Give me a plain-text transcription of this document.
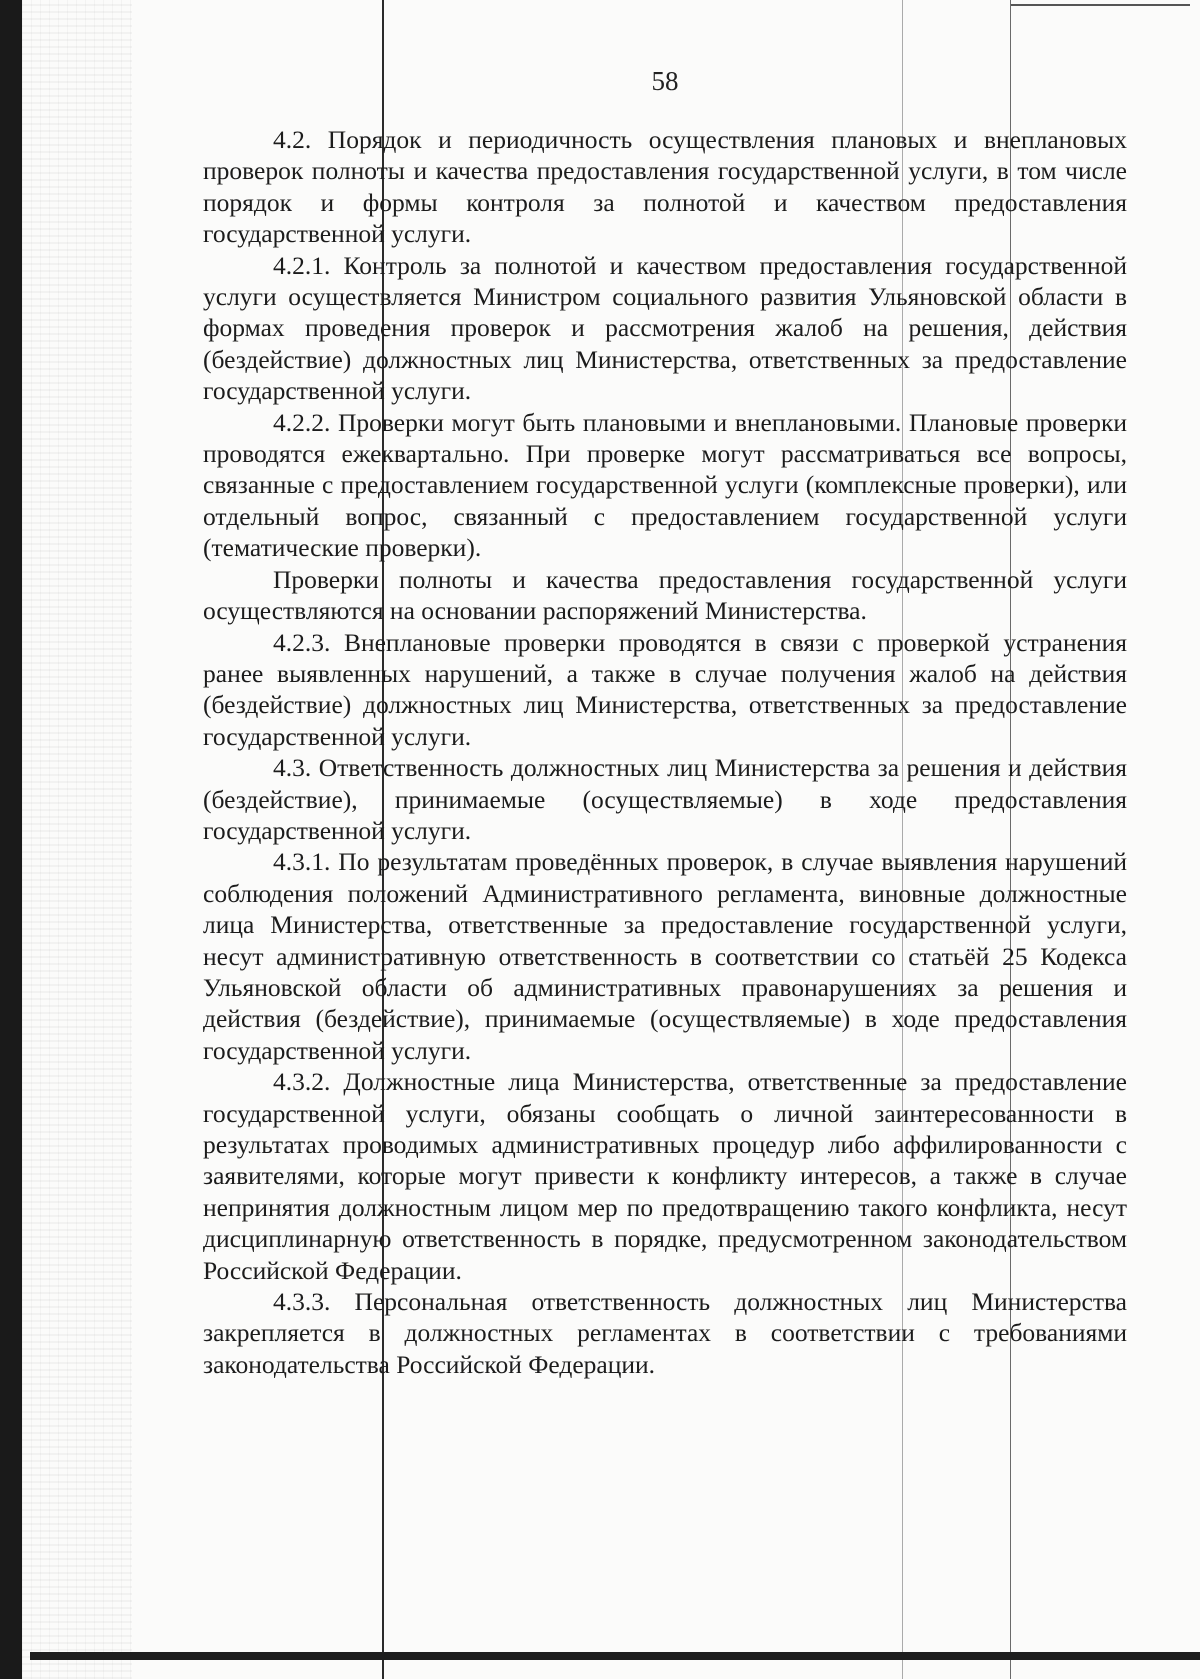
58

4.2. Порядок и периодичность осуществления плановых и внеплановых проверок полноты и качества предоставления государственной услуги, в том числе порядок и формы контроля за полнотой и качеством предоставления государственной услуги.

4.2.1. Контроль за полнотой и качеством предоставления государственной услуги осуществляется Министром социального развития Ульяновской области в формах проведения проверок и рассмотрения жалоб на решения, действия (бездействие) должностных лиц Министерства, ответственных за предоставление государственной услуги.

4.2.2. Проверки могут быть плановыми и внеплановыми. Плановые проверки проводятся ежеквартально. При проверке могут рассматриваться все вопросы, связанные с предоставлением государственной услуги (комплексные проверки), или отдельный вопрос, связанный с предоставлением государственной услуги (тематические проверки).

Проверки полноты и качества предоставления государственной услуги осуществляются на основании распоряжений Министерства.

4.2.3. Внеплановые проверки проводятся в связи с проверкой устранения ранее выявленных нарушений, а также в случае получения жалоб на действия (бездействие) должностных лиц Министерства, ответственных за предоставление государственной услуги.

4.3. Ответственность должностных лиц Министерства за решения и действия (бездействие), принимаемые (осуществляемые) в ходе предоставления государственной услуги.

4.3.1. По результатам проведённых проверок, в случае выявления нарушений соблюдения положений Административного регламента, виновные должностные лица Министерства, ответственные за предоставление государственной услуги, несут административную ответственность в соответствии со статьёй 25 Кодекса Ульяновской области об административных правонарушениях за решения и действия (бездействие), принимаемые (осуществляемые) в ходе предоставления государственной услуги.

4.3.2. Должностные лица Министерства, ответственные за предоставление государственной услуги, обязаны сообщать о личной заинтересованности в результатах проводимых административных процедур либо аффилированности с заявителями, которые могут привести к конфликту интересов, а также в случае непринятия должностным лицом мер по предотвращению такого конфликта, несут дисциплинарную ответственность в порядке, предусмотренном законодательством Российской Федерации.

4.3.3. Персональная ответственность должностных лиц Министерства закрепляется в должностных регламентах в соответствии с требованиями законодательства Российской Федерации.
